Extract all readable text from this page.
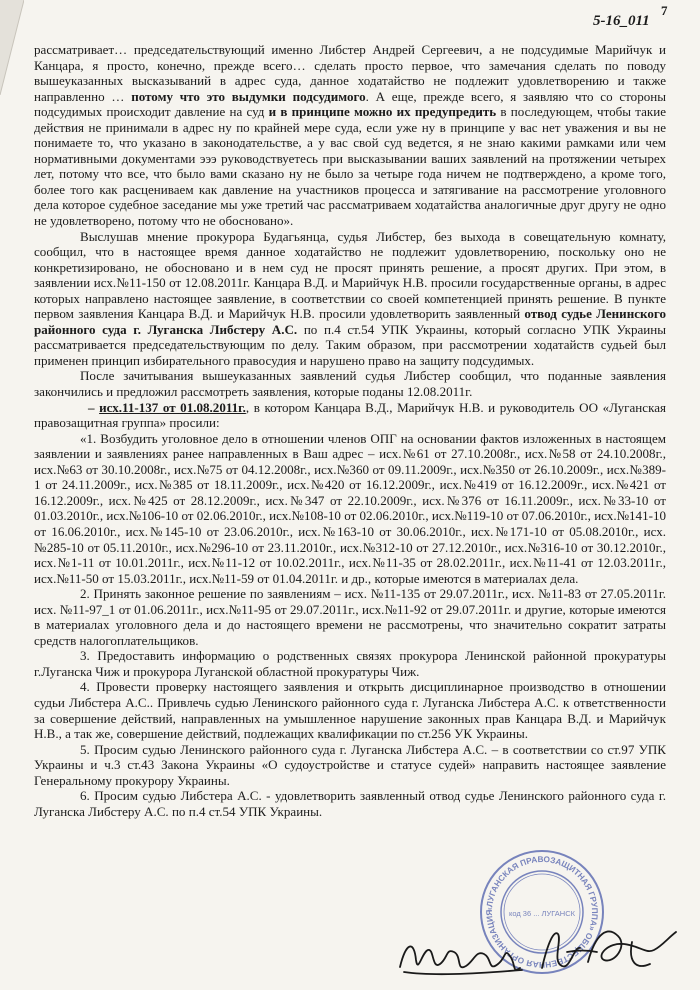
7
5-16_011

рассматривает… председательствующий именно Либстер Андрей Сергеевич, а не подсудимые Марийчук и Канцара, я просто, конечно, прежде всего… сделать просто первое, что замечания сделать по поводу вышеуказанных высказываний в адрес суда, данное ходатайство не подлежит удовлетворению и также направленно … потому что это выдумки подсудимого. А еще, прежде всего, я заявляю что со стороны подсудимых происходит давление на суд и в принципе можно их предупредить в последующем, чтобы такие действия не принимали в адрес ну по крайней мере суда, если уже ну в принципе у вас нет уважения и вы не понимаете то, что указано в законодательстве, а у вас свой суд ведется, я не знаю какими рамками или чем нормативными документами эээ руководствуетесь при высказывании ваших заявлений на протяжении четырех лет, потому что все, что было вами сказано ну не было за четыре года ничем не подтверждено, а кроме того, более того как расцениваем как давление на участников процесса и затягивание на рассмотрение уголовного дела которое судебное заседание мы уже третий час рассматриваем ходатайства аналогичные друг другу не одно не удовлетворено, потому что не обосновано».

Выслушав мнение прокурора Будагьянца, судья Либстер, без выхода в совещательную комнату, сообщил, что в настоящее время данное ходатайство не подлежит удовлетворению, поскольку оно не конкретизировано, не обосновано и в нем суд не просят принять решение, а просят других. При этом, в заявлении исх.№11-150 от 12.08.2011г. Канцара В.Д. и Марийчук Н.В. просили государственные органы, в адрес которых направлено настоящее заявление, в соответствии со своей компетенцией принять решение. В пункте первом заявления Канцара В.Д. и Марийчук Н.В. просили удовлетворить заявленный отвод судье Ленинского районного суда г. Луганска Либстеру А.С. по п.4 ст.54 УПК Украины, который согласно УПК Украины рассматривается председательствующим по делу. Таким образом, при рассмотрении ходатайств судьей был применен принцип избирательного правосудия и нарушено право на защиту подсудимых.

После зачитывания вышеуказанных заявлений судья Либстер сообщил, что поданные заявления закончились и предложил рассмотреть заявления, которые поданы 12.08.2011г.

– исх.11-137 от 01.08.2011г., в котором Канцара В.Д., Марийчук Н.В. и руководитель ОО «Луганская правозащитная группа» просили:

«1. Возбудить уголовное дело в отношении членов ОПГ на основании фактов изложенных в настоящем заявлении и заявлениях ранее направленных в Ваш адрес – исх.№61 от 27.10.2008г., исх.№58 от 24.10.2008г., исх.№63 от 30.10.2008г., исх.№75 от 04.12.2008г., исх.№360 от 09.11.2009г., исх.№350 от 26.10.2009г., исх.№389-1 от 24.11.2009г., исх.№385 от 18.11.2009г., исх.№420 от 16.12.2009г., исх.№419 от 16.12.2009г., исх.№421 от 16.12.2009г., исх.№425 от 28.12.2009г., исх.№347 от 22.10.2009г., исх.№376 от 16.11.2009г., исх.№33-10 от 01.03.2010г., исх.№106-10 от 02.06.2010г., исх.№108-10 от 02.06.2010г., исх.№119-10 от 07.06.2010г., исх.№141-10 от 16.06.2010г., исх.№145-10 от 23.06.2010г., исх.№163-10 от 30.06.2010г., исх.№171-10 от 05.08.2010г., исх.№285-10 от 05.11.2010г., исх.№296-10 от 23.11.2010г., исх.№312-10 от 27.12.2010г., исх.№316-10 от 30.12.2010г., исх.№1-11 от 10.01.2011г., исх.№11-12 от 10.02.2011г., исх.№11-35 от 28.02.2011г., исх.№11-41 от 12.03.2011г., исх.№11-50 от 15.03.2011г., исх.№11-59 от 01.04.2011г. и др., которые имеются в материалах дела.

2. Принять законное решение по заявлениям – исх. №11-135 от 29.07.2011г., исх. №11-83 от 27.05.2011г. исх. №11-97_1 от 01.06.2011г., исх.№11-95 от 29.07.2011г., исх.№11-92 от 29.07.2011г. и другие, которые имеются в материалах уголовного дела и до настоящего времени не рассмотрены, что значительно сократит затраты средств налогоплательщиков.

3. Предоставить информацию о родственных связях прокурора Ленинской районной прокуратуры г.Луганска Чиж и прокурора Луганской областной прокуратуры Чиж.

4. Провести проверку настоящего заявления и открыть дисциплинарное производство в отношении судьи Либстера А.С.. Привлечь судью Ленинского районного суда г. Луганска Либстера А.С. к ответственности за совершение действий, направленных на умышленное нарушение законных прав Канцара В.Д. и Марийчук Н.В., а так же, совершение действий, подлежащих квалификации по ст.256 УК Украины.

5. Просим судью Ленинского районного суда г. Луганска Либстера А.С. – в соответствии со ст.97 УПК Украины и ч.3 ст.43 Закона Украины «О судоустройстве и статусе судей» направить настоящее заявление Генеральному прокурору Украины.

6. Просим судью Либстера А.С. - удовлетворить заявленный отвод судье Ленинского районного суда г. Луганска Либстеру А.С. по п.4 ст.54 УПК Украины.

«ЛУГАНСКАЯ ПРАВОЗАЩИТНАЯ ГРУППА» ОБЩЕСТВЕННАЯ ОРГАНИЗАЦИЯ	код 36 ... ЛУГАНСК
